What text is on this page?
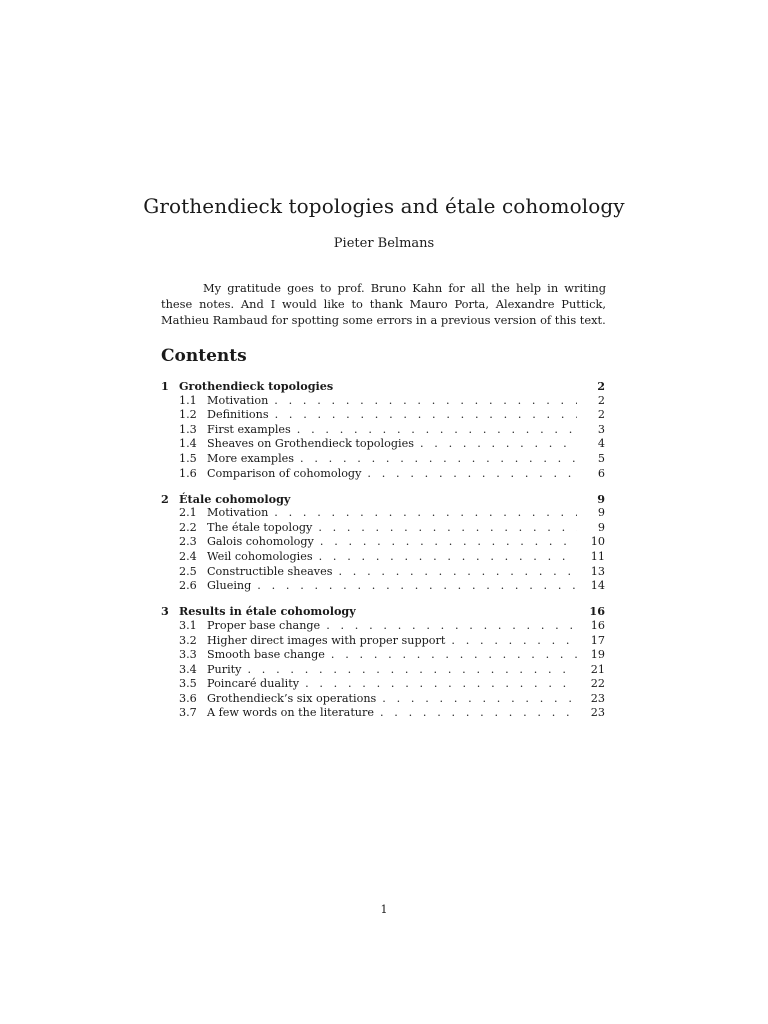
Grothendieck topologies and étale cohomology
Pieter Belmans

My gratitude goes to prof. Bruno Kahn for all the help in writing these notes. And I would like to thank Mauro Porta, Alexandre Puttick, Mathieu Rambaud for spotting some errors in a previous version of this text.

Contents
1 Grothendieck topologies	2
1.1 Motivation . . .	2
1.2 Definitions . . .	2
1.3 First examples . . .	3
1.4 Sheaves on Grothendieck topologies . . .	4
1.5 More examples . . .	5
1.6 Comparison of cohomology . . .	6
2 Étale cohomology	9
2.1 Motivation . . .	9
2.2 The étale topology . . .	9
2.3 Galois cohomology . . .	10
2.4 Weil cohomologies . . .	11
2.5 Constructible sheaves . . .	13
2.6 Glueing . . .	14
3 Results in étale cohomology	16
3.1 Proper base change . . .	16
3.2 Higher direct images with proper support . . .	17
3.3 Smooth base change . . .	19
3.4 Purity . . .	21
3.5 Poincaré duality . . .	22
3.6 Grothendieck’s six operations . . .	23
3.7 A few words on the literature . . .	23
1
